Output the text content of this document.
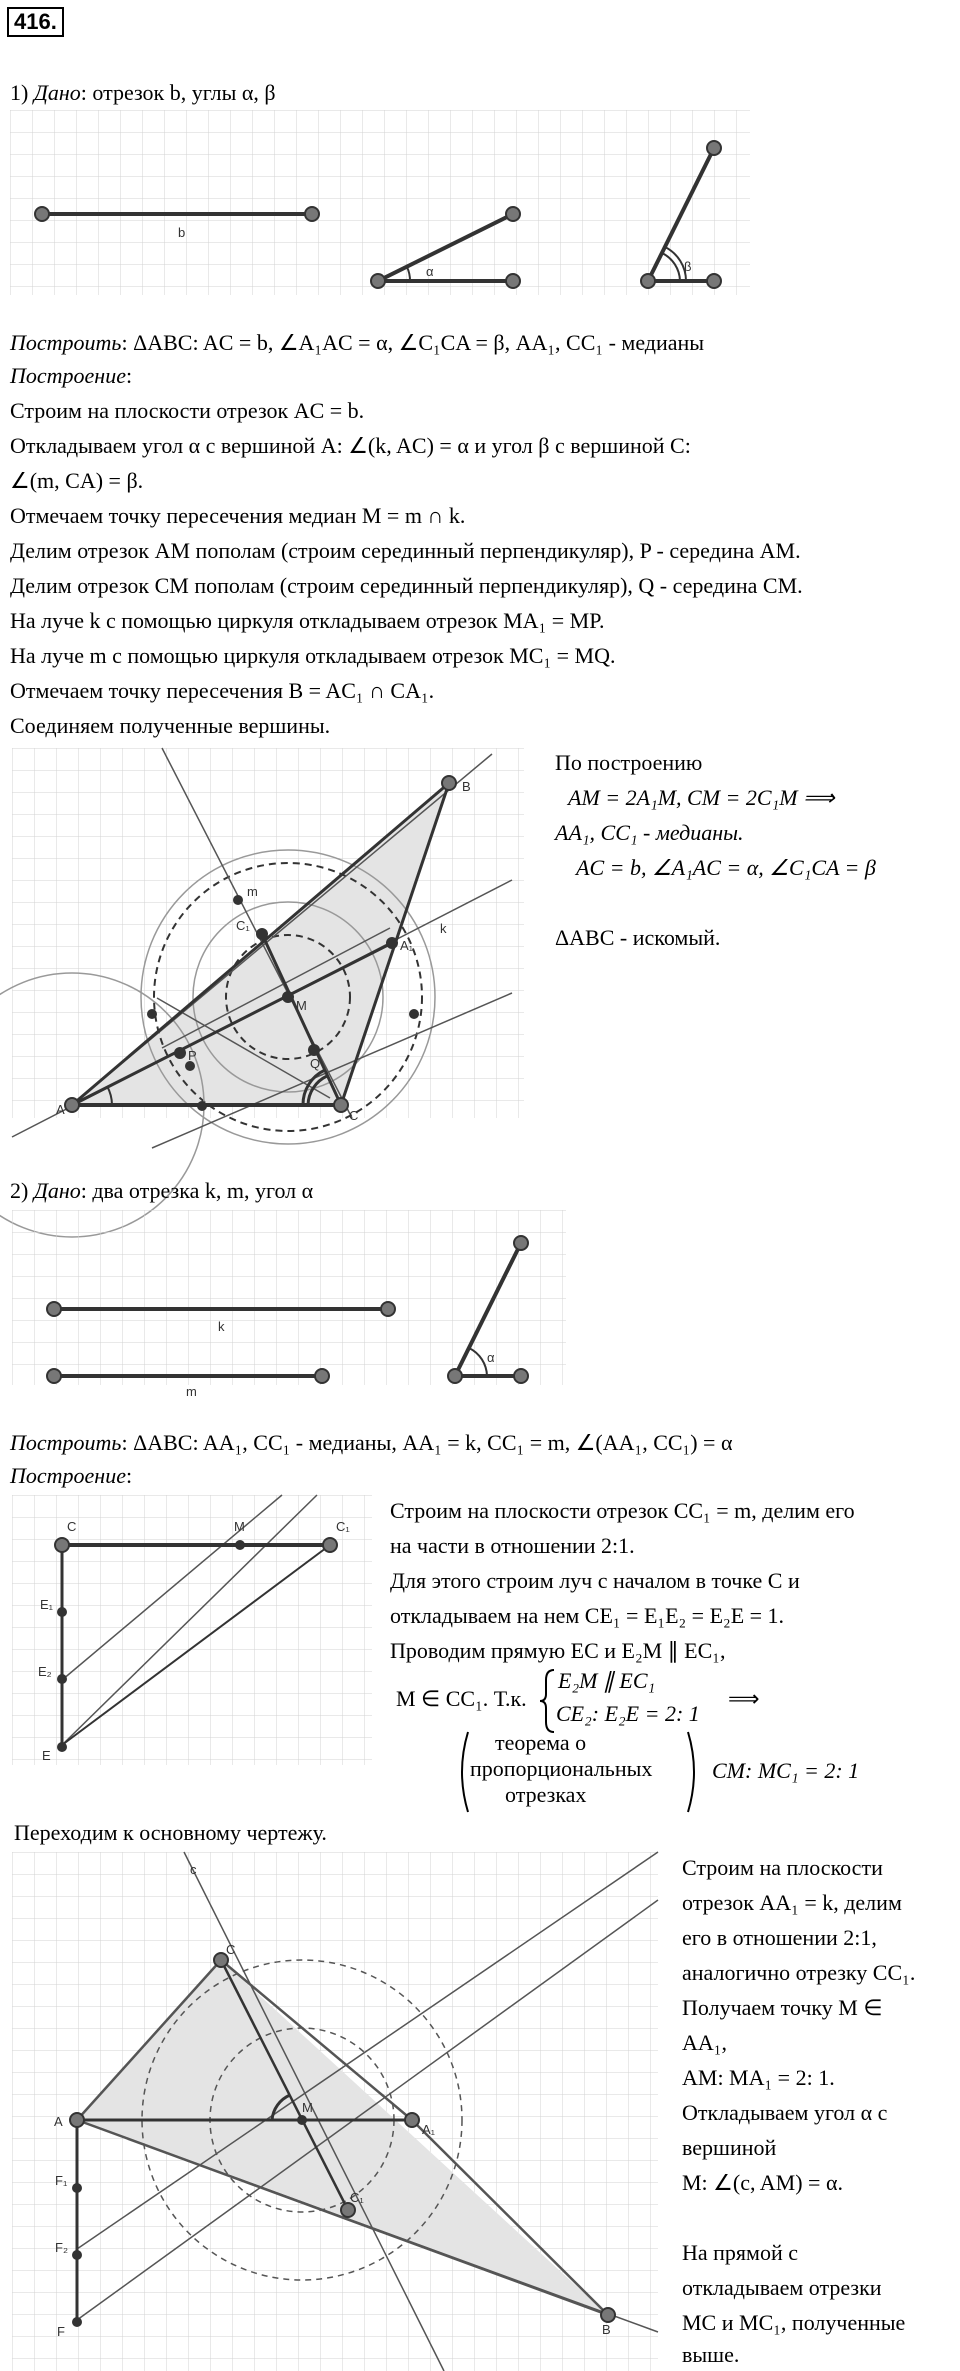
416.
1) Дано: отрезок b, углы α, β
b
α	β
Построить: ΔABC: AC = b, ∠A₁AC = α, ∠C₁CA = β, AA₁, CC₁ - медианы
Построение:
Строим на плоскости отрезок AC = b.
Откладываем угол α с вершиной A: ∠(k, AC) = α и угол β с вершиной C:
∠(m, CA) = β.
Отмечаем точку пересечения медиан M = m ∩ k.
Делим отрезок AM пополам (строим серединный перпендикуляр), P - середина AM.
Делим отрезок CM пополам (строим серединный перпендикуляр), Q - середина CM.
На луче k с помощью циркуля откладываем отрезок MA₁ = MP.
На луче m с помощью циркуля откладываем отрезок MC₁ = MQ.
Отмечаем точку пересечения B = AC₁ ∩ CA₁.
Соединяем полученные вершины.
A
B
C
C₁
A₁
M
P
Q
m
k
По построению
AM = 2A₁M, CM = 2C₁M ⟹
AA₁, CC₁ - медианы.
AC = b, ∠A₁AC = α, ∠C₁CA = β
ΔABC - искомый.
2) Дано: два отрезка k, m, угол α
k
m
α
Построить: ΔABC: AA₁, CC₁ - медианы, AA₁ = k, CC₁ = m, ∠(AA₁, CC₁) = α
Построение:
C	M	C₁
E₁
E₂
E
Строим на плоскости отрезок CC₁ = m, делим его
на части в отношении 2:1.
Для этого строим луч с началом в точке C и
откладываем на нем CE₁ = E₁E₂ = E₂E = 1.
Проводим прямую EC и E₂M ∥ EC₁,
M ∈ CC₁. Т.к.
E₂M ∥ EC₁
CE₂: E₂E = 2: 1
⟹
теорема о
пропорциональных
отрезках
CM: MC₁ = 2: 1
Переходим к основному чертежу.
c
C
A
M
A₁
C₁
B
F₁
F₂
F
Строим на плоскости
отрезок AA₁ = k, делим
его в отношении 2:1,
аналогично отрезку CC₁.
Получаем точку M ∈
AA₁,
AM: MA₁ = 2: 1.
Откладываем угол α с
вершиной
M: ∠(c, AM) = α.
На прямой c
откладываем отрезки
MC и MC₁, полученные
выше.
